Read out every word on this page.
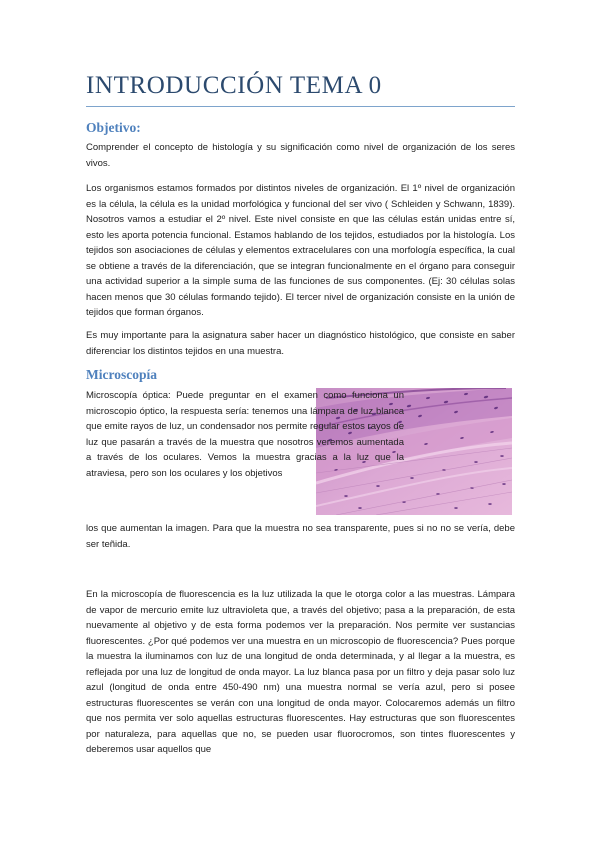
INTRODUCCIÓN TEMA 0
Objetivo:

Comprender el concepto de histología y su significación como nivel de organización de los seres vivos.

Los organismos estamos formados por distintos niveles de organización. El 1º nivel de organización es la célula, la célula es la unidad morfológica y funcional del ser vivo ( Schleiden y Schwann, 1839). Nosotros vamos a estudiar el 2º nivel. Este nivel consiste en que las células están unidas entre sí, esto les aporta potencia funcional. Estamos hablando de los tejidos, estudiados por la histología. Los tejidos son asociaciones de células y elementos extracelulares con una morfología específica, la cual se obtiene a través de la diferenciación, que se integran funcionalmente en el órgano para conseguir una actividad superior a la simple suma de las funciones de sus componentes. (Ej: 30 células solas hacen menos que 30 células formando tejido). El tercer nivel de organización consiste en la unión de tejidos que forman órganos.

Es muy importante para la asignatura saber hacer un diagnóstico histológico, que consiste en saber diferenciar los distintos tejidos en una muestra.

Microscopía

Microscopía óptica: Puede preguntar en el examen como funciona un microscopio óptico, la respuesta sería: tenemos una lámpara de luz blanca que emite rayos de luz, un condensador nos permite regular estos rayos de luz que pasarán a través de la muestra que nosotros veremos aumentada a través de los oculares. Vemos la muestra gracias a la luz que la atraviesa, pero son los oculares y los objetivos

los que aumentan la imagen. Para que la muestra no sea transparente, pues si no no se vería, debe ser teñida.

En la microscopía de fluorescencia es la luz utilizada la que le otorga color a las muestras. Lámpara de vapor de mercurio emite luz ultravioleta que, a través del objetivo; pasa a la preparación, de esta nuevamente al objetivo y de esta forma podemos ver la preparación. Nos permite ver sustancias fluorescentes. ¿Por qué podemos ver una muestra en un microscopio de fluorescencia? Pues porque la muestra la iluminamos con luz de una longitud de onda determinada, y al llegar a la muestra, es reflejada por una luz de longitud de onda mayor. La luz blanca pasa por un filtro y deja pasar solo luz azul (longitud de onda entre 450-490 nm) una muestra normal se vería azul, pero si posee estructuras fluorescentes se verán con una longitud de onda mayor. Colocaremos además un filtro que nos permita ver solo aquellas estructuras fluorescentes. Hay estructuras que son fluorescentes por naturaleza, para aquellas que no, se pueden usar fluorocromos, son tintes fluorescentes y deberemos usar aquellos que
